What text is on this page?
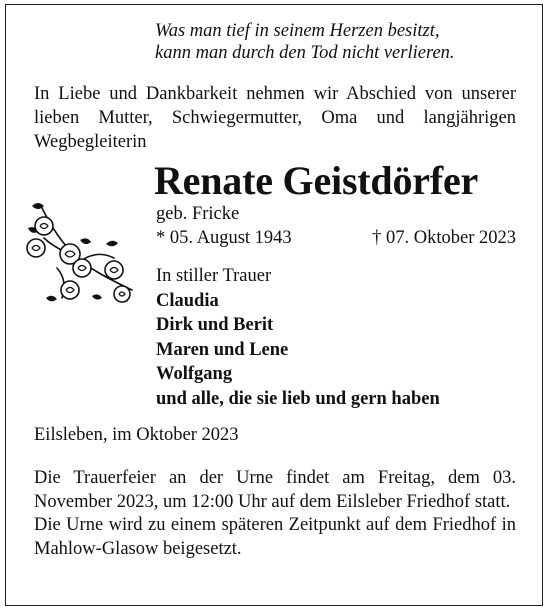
Was man tief in seinem Herzen besitzt,
kann man durch den Tod nicht verlieren.

In Liebe und Dankbarkeit nehmen wir Abschied von unserer lieben Mutter, Schwiegermutter, Oma und langjährigen Wegbegleiterin

Renate Geistdörfer
geb. Fricke
* 05. August 1943	† 07. Oktober 2023
In stiller Trauer
Claudia
Dirk und Berit
Maren und Lene
Wolfgang
und alle, die sie lieb und gern haben
Eilsleben, im Oktober 2023

Die Trauerfeier an der Urne findet am Freitag, dem 03. November 2023, um 12:00 Uhr auf dem Eilsleber Friedhof statt.
Die Urne wird zu einem späteren Zeitpunkt auf dem Friedhof in Mahlow-Glasow beigesetzt.
